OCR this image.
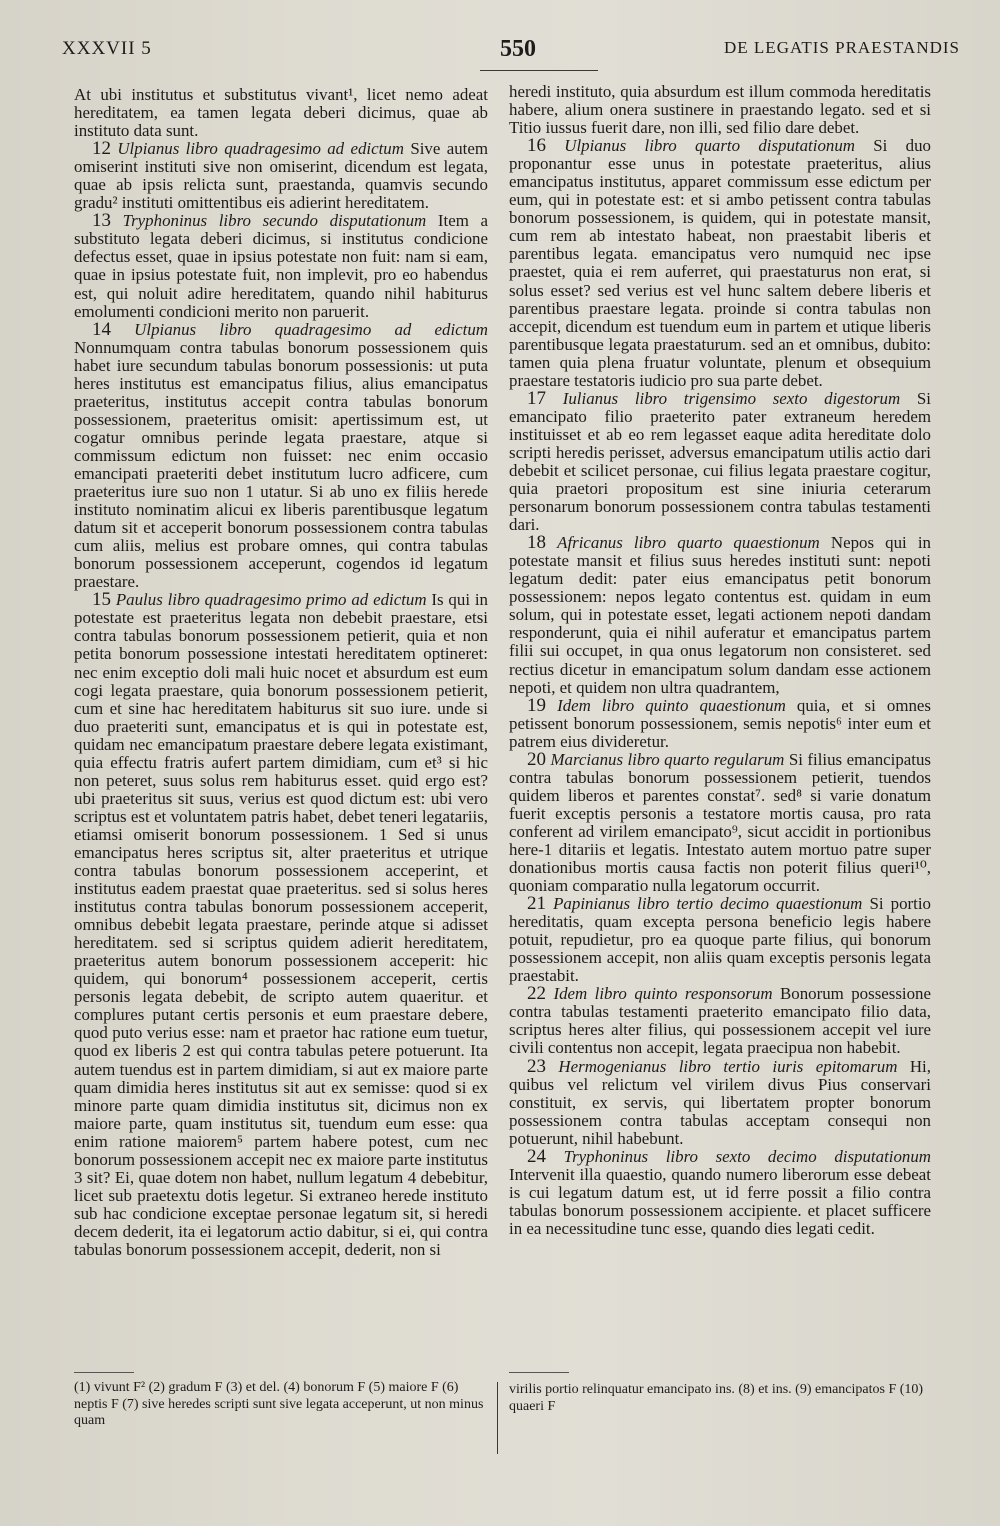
XXXVII 5	550	DE LEGATIS PRAESTANDIS

At ubi institutus et substitutus vivant¹, licet nemo adeat hereditatem, ea tamen legata deberi dicimus, quae ab instituto data sunt.

12 Ulpianus libro quadragesimo ad edictum Sive autem omiserint instituti sive non omiserint, dicendum est legata, quae ab ipsis relicta sunt, praestanda, quamvis secundo gradu² instituti omittentibus eis adierint hereditatem.

13 Tryphoninus libro secundo disputationum Item a substituto legata deberi dicimus, si institutus condicione defectus esset, quae in ipsius potestate non fuit: nam si eam, quae in ipsius potestate fuit, non implevit, pro eo habendus est, qui noluit adire hereditatem, quando nihil habiturus emolumenti condicioni merito non paruerit.

14 Ulpianus libro quadragesimo ad edictum Nonnumquam contra tabulas bonorum possessionem quis habet iure secundum tabulas bonorum possessionis: ut puta heres institutus est emancipatus filius, alius emancipatus praeteritus, institutus accepit contra tabulas bonorum possessionem, praeteritus omisit: apertissimum est, ut cogatur omnibus perinde legata praestare, atque si commissum edictum non fuisset: nec enim occasio emancipati praeteriti debet institutum lucro adficere, cum praeteritus iure suo non 1 utatur. Si ab uno ex filiis herede instituto nominatim alicui ex liberis parentibusque legatum datum sit et acceperit bonorum possessionem contra tabulas cum aliis, melius est probare omnes, qui contra tabulas bonorum possessionem acceperunt, cogendos id legatum praestare.

15 Paulus libro quadragesimo primo ad edictum Is qui in potestate est praeteritus legata non debebit praestare, etsi contra tabulas bonorum possessionem petierit, quia et non petita bonorum possessione intestati hereditatem optineret: nec enim exceptio doli mali huic nocet et absurdum est eum cogi legata praestare, quia bonorum possessionem petierit, cum et sine hac hereditatem habiturus sit suo iure. unde si duo praeteriti sunt, emancipatus et is qui in potestate est, quidam nec emancipatum praestare debere legata existimant, quia effectu fratris aufert partem dimidiam, cum et³ si hic non peteret, suus solus rem habiturus esset. quid ergo est? ubi praeteritus sit suus, verius est quod dictum est: ubi vero scriptus est et voluntatem patris habet, debet teneri legatariis, etiamsi omiserit bonorum possessionem. 1 Sed si unus emancipatus heres scriptus sit, alter praeteritus et utrique contra tabulas bonorum possessionem acceperint, et institutus eadem praestat quae praeteritus. sed si solus heres institutus contra tabulas bonorum possessionem acceperit, omnibus debebit legata praestare, perinde atque si adisset hereditatem. sed si scriptus quidem adierit hereditatem, praeteritus autem bonorum possessionem acceperit: hic quidem, qui bonorum⁴ possessionem acceperit, certis personis legata debebit, de scripto autem quaeritur. et complures putant certis personis et eum praestare debere, quod puto verius esse: nam et praetor hac ratione eum tuetur, quod ex liberis 2 est qui contra tabulas petere potuerunt. Ita autem tuendus est in partem dimidiam, si aut ex maiore parte quam dimidia heres institutus sit aut ex semisse: quod si ex minore parte quam dimidia institutus sit, dicimus non ex maiore parte, quam institutus sit, tuendum eum esse: qua enim ratione maiorem⁵ partem habere potest, cum nec bonorum possessionem accepit nec ex maiore parte institutus 3 sit? Ei, quae dotem non habet, nullum legatum 4 debebitur, licet sub praetextu dotis legetur. Si extraneo herede instituto sub hac condicione exceptae personae legatum sit, si heredi decem dederit, ita ei legatorum actio dabitur, si ei, qui contra tabulas bonorum possessionem accepit, dederit, non si

heredi instituto, quia absurdum est illum commoda hereditatis habere, alium onera sustinere in praestando legato. sed et si Titio iussus fuerit dare, non illi, sed filio dare debet.

16 Ulpianus libro quarto disputationum Si duo proponantur esse unus in potestate praeteritus, alius emancipatus institutus, apparet commissum esse edictum per eum, qui in potestate est: et si ambo petissent contra tabulas bonorum possessionem, is quidem, qui in potestate mansit, cum rem ab intestato habeat, non praestabit liberis et parentibus legata. emancipatus vero numquid nec ipse praestet, quia ei rem auferret, qui praestaturus non erat, si solus esset? sed verius est vel hunc saltem debere liberis et parentibus praestare legata. proinde si contra tabulas non accepit, dicendum est tuendum eum in partem et utique liberis parentibusque legata praestaturum. sed an et omnibus, dubito: tamen quia plena fruatur voluntate, plenum et obsequium praestare testatoris iudicio pro sua parte debet.

17 Iulianus libro trigensimo sexto digestorum Si emancipato filio praeterito pater extraneum heredem instituisset et ab eo rem legasset eaque adita hereditate dolo scripti heredis perisset, adversus emancipatum utilis actio dari debebit et scilicet personae, cui filius legata praestare cogitur, quia praetori propositum est sine iniuria ceterarum personarum bonorum possessionem contra tabulas testamenti dari.

18 Africanus libro quarto quaestionum Nepos qui in potestate mansit et filius suus heredes instituti sunt: nepoti legatum dedit: pater eius emancipatus petit bonorum possessionem: nepos legato contentus est. quidam in eum solum, qui in potestate esset, legati actionem nepoti dandam responderunt, quia ei nihil auferatur et emancipatus partem filii sui occupet, in qua onus legatorum non consisteret. sed rectius dicetur in emancipatum solum dandam esse actionem nepoti, et quidem non ultra quadrantem,

19 Idem libro quinto quaestionum quia, et si omnes petissent bonorum possessionem, semis nepotis⁶ inter eum et patrem eius divideretur.

20 Marcianus libro quarto regularum Si filius emancipatus contra tabulas bonorum possessionem petierit, tuendos quidem liberos et parentes constat⁷. sed⁸ si varie donatum fuerit exceptis personis a testatore mortis causa, pro rata conferent ad virilem emancipato⁹, sicut accidit in portionibus here-1 ditariis et legatis. Intestato autem mortuo patre super donationibus mortis causa factis non poterit filius queri¹⁰, quoniam comparatio nulla legatorum occurrit.

21 Papinianus libro tertio decimo quaestionum Si portio hereditatis, quam excepta persona beneficio legis habere potuit, repudietur, pro ea quoque parte filius, qui bonorum possessionem accepit, non aliis quam exceptis personis legata praestabit.

22 Idem libro quinto responsorum Bonorum possessione contra tabulas testamenti praeterito emancipato filio data, scriptus heres alter filius, qui possessionem accepit vel iure civili contentus non accepit, legata praecipua non habebit.

23 Hermogenianus libro tertio iuris epitomarum Hi, quibus vel relictum vel virilem divus Pius conservari constituit, ex servis, qui libertatem propter bonorum possessionem contra tabulas acceptam consequi non potuerunt, nihil habebunt.

24 Tryphoninus libro sexto decimo disputationum Intervenit illa quaestio, quando numero liberorum esse debeat is cui legatum datum est, ut id ferre possit a filio contra tabulas bonorum possessionem accipiente. et placet sufficere in ea necessitudine tunc esse, quando dies legati cedit.

(1) vivunt F² (2) gradum F (3) et del. (4) bonorum F (5) maiore F (6) neptis F (7) sive heredes scripti sunt sive legata acceperunt, ut non minus quam
virilis portio relinquatur emancipato ins. (8) et ins. (9) emancipatos F (10) quaeri F
